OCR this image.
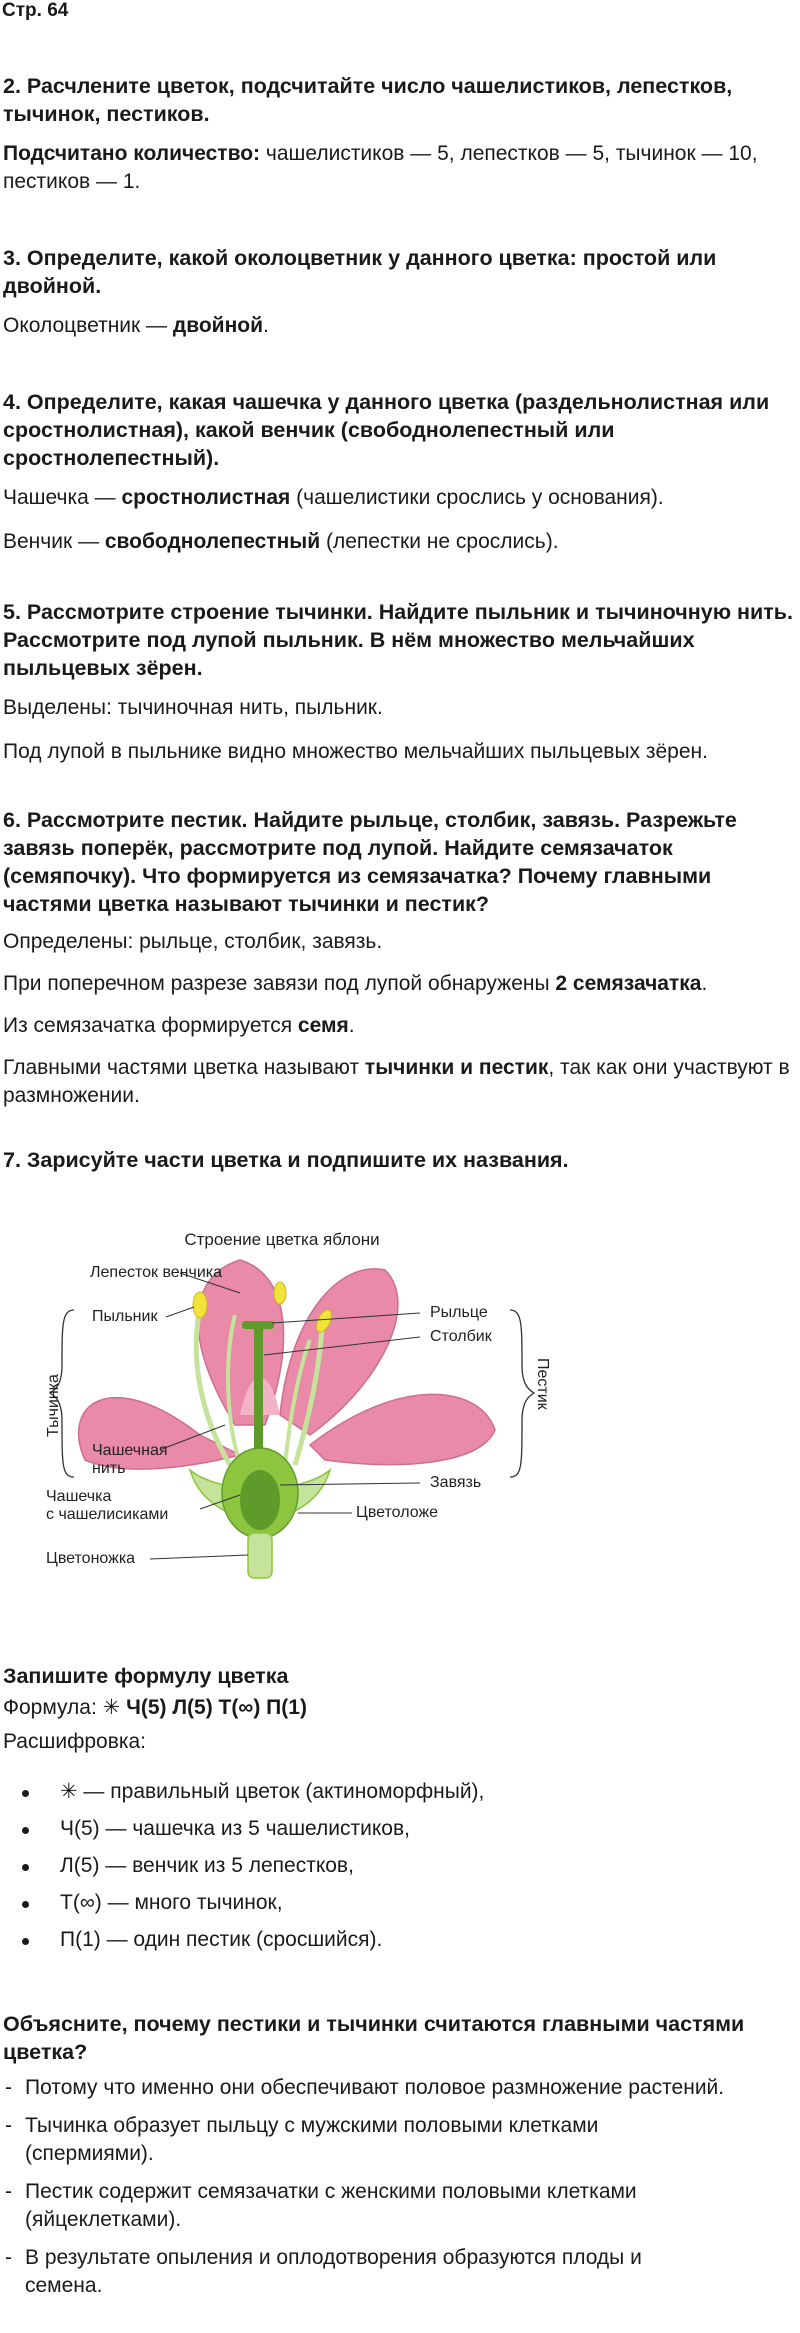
Стр. 64

2. Расчлените цветок, подсчитайте число чашелистиков, лепестков, тычинок, пестиков.

Подсчитано количество: чашелистиков — 5, лепестков — 5, тычинок — 10, пестиков — 1.

3. Определите, какой околоцветник у данного цветка: простой или двойной.

Околоцветник — двойной.

4. Определите, какая чашечка у данного цветка (раздельнолистная или сростнолистная), какой венчик (свободнолепестный или сростнолепестный).

Чашечка — сростнолистная (чашелистики срослись у основания).

Венчик — свободнолепестный (лепестки не срослись).

5. Рассмотрите строение тычинки. Найдите пыльник и тычиночную нить. Рассмотрите под лупой пыльник. В нём множество мельчайших пыльцевых зёрен.

Выделены: тычиночная нить, пыльник.

Под лупой в пыльнике видно множество мельчайших пыльцевых зёрен.

6. Рассмотрите пестик. Найдите рыльце, столбик, завязь. Разрежьте завязь поперёк, рассмотрите под лупой. Найдите семязачаток (семяпочку). Что формируется из семязачатка? Почему главными частями цветка называют тычинки и пестик?

Определены: рыльце, столбик, завязь.

При поперечном разрезе завязи под лупой обнаружены 2 семязачатка.

Из семязачатка формируется семя.

Главными частями цветка называют тычинки и пестик, так как они участвуют в размножении.

7. Зарисуйте части цветка и подпишите их названия.

Строение цветка яблони
Лепесток венчика
Пыльник	Рыльце
Столбик
Тычинка	Пестик
Чашечная
нить
Завязь
Чашечка
с чашелисиками	Цветоложе
Цветоножка

Запишите формулу цветка

Формула: ✳ Ч(5) Л(5) Т(∞) П(1)

Расшифровка:

✳ — правильный цветок (актиноморфный),
Ч(5) — чашечка из 5 чашелистиков,
Л(5) — венчик из 5 лепестков,
Т(∞) — много тычинок,
П(1) — один пестик (сросшийся).

Объясните, почему пестики и тычинки считаются главными частями цветка?

- Потому что именно они обеспечивают половое размножение растений.
- Тычинка образует пыльцу с мужскими половыми клетками (спермиями).
- Пестик содержит семязачатки с женскими половыми клетками (яйцеклетками).
- В результате опыления и оплодотворения образуются плоды и семена.
